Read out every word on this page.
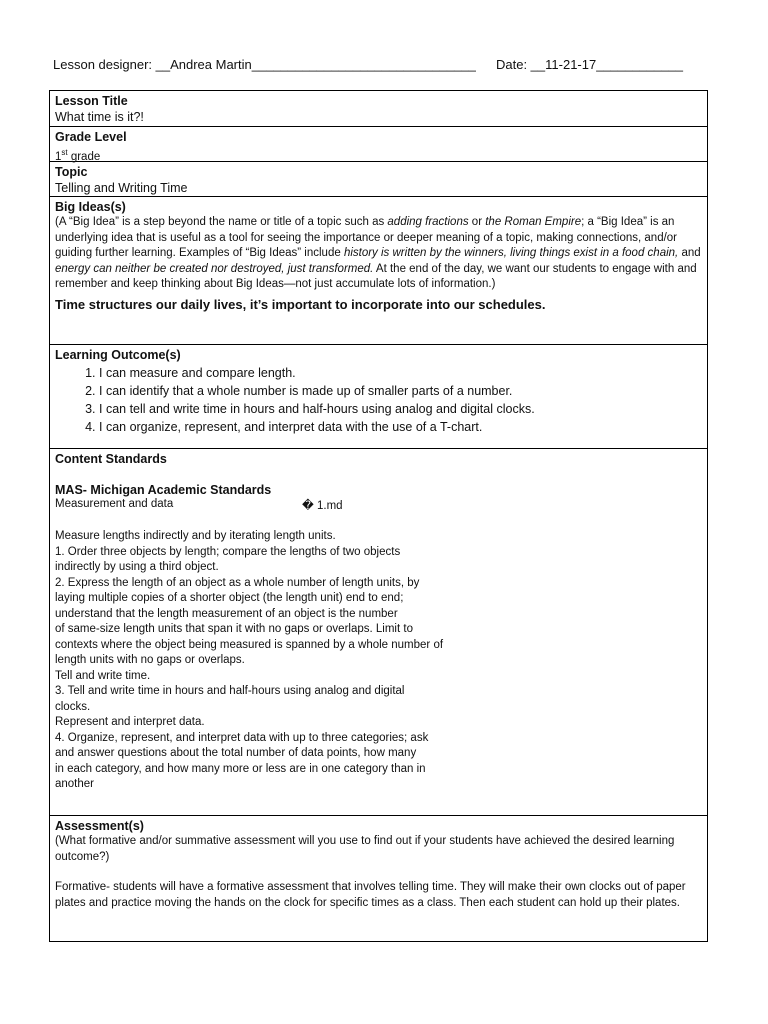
Lesson designer: __Andrea Martin_______________________________ Date: __11-21-17____________
Lesson Title
What time is it?!
Grade Level
1st grade
Topic
Telling and Writing Time
Big Ideas(s)
(A “Big Idea” is a step beyond the name or title of a topic such as adding fractions or the Roman Empire; a “Big Idea” is an underlying idea that is useful as a tool for seeing the importance or deeper meaning of a topic, making connections, and/or guiding further learning. Examples of “Big Ideas” include history is written by the winners, living things exist in a food chain, and energy can neither be created nor destroyed, just transformed. At the end of the day, we want our students to engage with and remember and keep thinking about Big Ideas—not just accumulate lots of information.)
Time structures our daily lives, it’s important to incorporate into our schedules.
Learning Outcome(s)
1. I can measure and compare length.
2. I can identify that a whole number is made up of smaller parts of a number.
3. I can tell and write time in hours and half-hours using analog and digital clocks.
4. I can organize, represent, and interpret data with the use of a T-chart.
Content Standards
MAS- Michigan Academic Standards
Measurement and data	� 1.md
Measure lengths indirectly and by iterating length units.
1. Order three objects by length; compare the lengths of two objects
indirectly by using a third object.
2. Express the length of an object as a whole number of length units, by
laying multiple copies of a shorter object (the length unit) end to end;
understand that the length measurement of an object is the number
of same-size length units that span it with no gaps or overlaps. Limit to
contexts where the object being measured is spanned by a whole number of
length units with no gaps or overlaps.
Tell and write time.
3. Tell and write time in hours and half-hours using analog and digital
clocks.
Represent and interpret data.
4. Organize, represent, and interpret data with up to three categories; ask
and answer questions about the total number of data points, how many
in each category, and how many more or less are in one category than in
another
Assessment(s)
(What formative and/or summative assessment will you use to find out if your students have achieved the desired learning outcome?)
Formative- students will have a formative assessment that involves telling time. They will make their own clocks out of paper plates and practice moving the hands on the clock for specific times as a class. Then each student can hold up their plates.
